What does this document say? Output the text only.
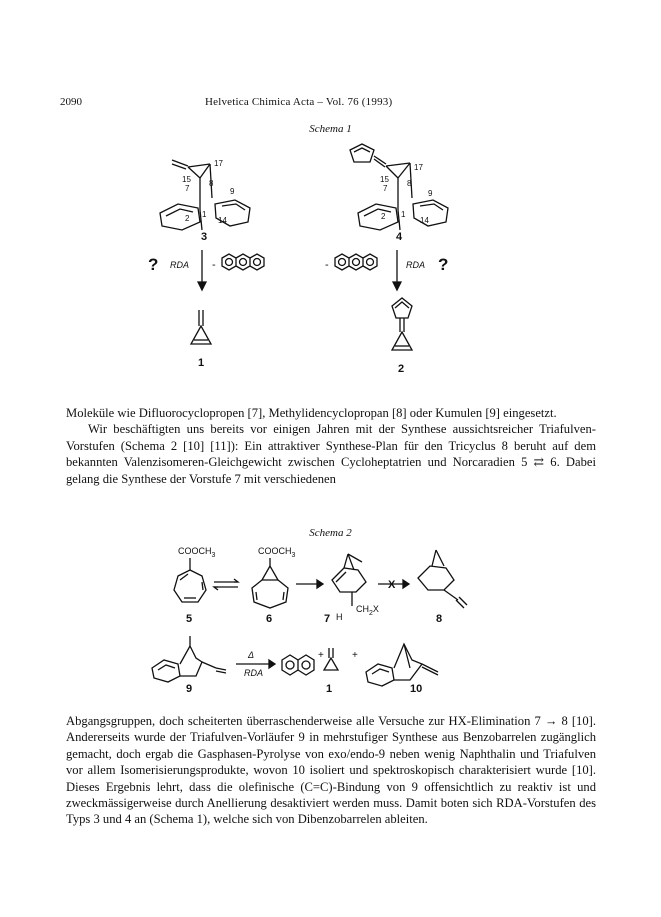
2090	Helvetica Chimica Acta – Vol. 76 (1993)
Schema 1
17
15 8
7	9
2 1
14
3
? RDA -
1
17
15 8
7
9
2 1
14
4
-	RDA ?
2

Moleküle wie Difluorocyclopropen [7], Methylidencyclopropan [8] oder Kumulen [9] eingesetzt.

Wir beschäftigten uns bereits vor einigen Jahren mit der Synthese aussichtsreicher Triafulven-Vorstufen (Schema 2 [10] [11]): Ein attraktiver Synthese-Plan für den Tricyclus 8 beruht auf dem bekannten Valenzisomeren-Gleichgewicht zwischen Cycloheptatrien und Norcaradien 5 ⇄ 6. Dabei gelang die Synthese der Vorstufe 7 mit verschiedenen

Schema 2
$COOCH_3$	$COOCH_3$
H
$CH_2X$
X
5	6	7	8
9
Δ
RDA
+
1
+
10

Abgangsgruppen, doch scheiterten überraschenderweise alle Versuche zur HX-Elimination 7 → 8 [10]. Andererseits wurde der Triafulven-Vorläufer 9 in mehrstufiger Synthese aus Benzobarrelen zugänglich gemacht, doch ergab die Gasphasen-Pyrolyse von exo/endo-9 neben wenig Naphthalin und Triafulven vor allem Isomerisierungsprodukte, wovon 10 isoliert und spektroskopisch charakterisiert wurde [10]. Dieses Ergebnis lehrt, dass die olefinische (C=C)-Bindung von 9 offensichtlich zu reaktiv ist und zweckmässigerweise durch Anellierung desaktiviert werden muss. Damit boten sich RDA-Vorstufen des Typs 3 und 4 an (Schema 1), welche sich von Dibenzobarrelen ableiten.
